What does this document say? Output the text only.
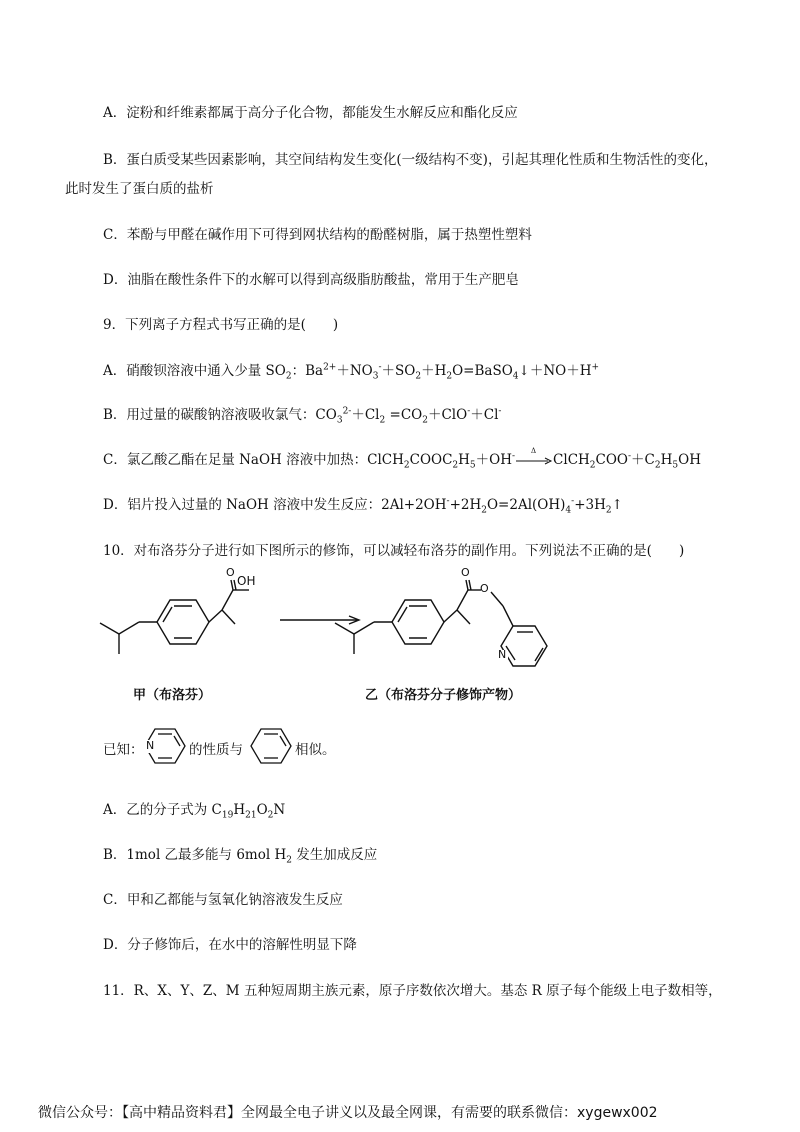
A．淀粉和纤维素都属于高分子化合物，都能发生水解反应和酯化反应
B．蛋白质受某些因素影响，其空间结构发生变化(一级结构不变)，引起其理化性质和生物活性的变化，
此时发生了蛋白质的盐析
C．苯酚与甲醛在碱作用下可得到网状结构的酚醛树脂，属于热塑性塑料
D．油脂在酸性条件下的水解可以得到高级脂肪酸盐，常用于生产肥皂
9．下列离子方程式书写正确的是(　　)
A．硝酸钡溶液中通入少量 $SO_2$：$Ba^{2+}+NO_3^-+SO_2+H_2O=BaSO_4↓+NO+H^+$
B．用过量的碳酸钠溶液吸收氯气：$CO_3^{2-}+Cl_2 =CO_2+ClO^-+Cl^-$
C．氯乙酸乙酯在足量 NaOH 溶液中加热：$ClCH_2COOC_2H_5+OH^-$
Δ
$ClCH_2COO^-+C_2H_5OH$
D．铝片投入过量的 NaOH 溶液中发生反应：$2Al+2OH^-+2H_2O=2Al(OH)_4^-+3H_2↑$
10．对布洛芬分子进行如下图所示的修饰，可以减轻布洛芬的副作用。下列说法不正确的是(　　)
OH
O	O
O
N
甲（布洛芬）	乙（布洛芬分子修饰产物）
已知： N	的性质与	相似。
A．乙的分子式为 $C_{19}H_{21}O_2N$
B．1mol 乙最多能与 6mol $H_2$ 发生加成反应
C．甲和乙都能与氢氧化钠溶液发生反应
D．分子修饰后，在水中的溶解性明显下降
11．R、X、Y、Z、M 五种短周期主族元素，原子序数依次增大。基态 R 原子每个能级上电子数相等，
微信公众号：【高中精品资料君】全网最全电子讲义以及最全网课，有需要的联系微信：xygewx002
